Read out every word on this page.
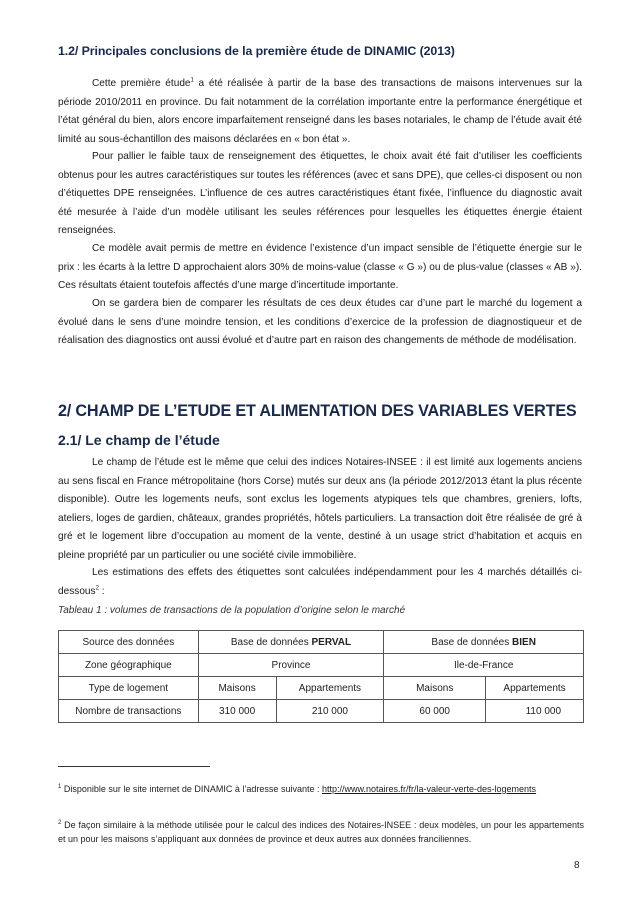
1.2/ Principales conclusions de la première étude de DINAMIC (2013)

Cette première étude$^1$ a été réalisée à partir de la base des transactions de maisons intervenues sur la période 2010/2011 en province. Du fait notamment de la corrélation importante entre la performance énergétique et l’état général du bien, alors encore imparfaitement renseigné dans les bases notariales, le champ de l’étude avait été limité au sous-échantillon des maisons déclarées en « bon état ».

Pour pallier le faible taux de renseignement des étiquettes, le choix avait été fait d’utiliser les coefficients obtenus pour les autres caractéristiques sur toutes les références (avec et sans DPE), que celles-ci disposent ou non d’étiquettes DPE renseignées. L’influence de ces autres caractéristiques étant fixée, l’influence du diagnostic avait été mesurée à l’aide d’un modèle utilisant les seules références pour lesquelles les étiquettes énergie étaient renseignées.

Ce modèle avait permis de mettre en évidence l’existence d’un impact sensible de l’étiquette énergie sur le prix : les écarts à la lettre D approchaient alors 30% de moins-value (classe « G ») ou de plus-value (classes « AB »). Ces résultats étaient toutefois affectés d’une marge d’incertitude importante.

On se gardera bien de comparer les résultats de ces deux études car d’une part le marché du logement a évolué dans le sens d’une moindre tension, et les conditions d’exercice de la profession de diagnostiqueur et de réalisation des diagnostics ont aussi évolué et d’autre part en raison des changements de méthode de modélisation.

2/ CHAMP DE L’ETUDE ET ALIMENTATION DES VARIABLES VERTES
2.1/ Le champ de l’étude

Le champ de l’étude est le même que celui des indices Notaires-INSEE : il est limité aux logements anciens au sens fiscal en France métropolitaine (hors Corse) mutés sur deux ans (la période 2012/2013 étant la plus récente disponible). Outre les logements neufs, sont exclus les logements atypiques tels que chambres, greniers, lofts, ateliers, loges de gardien, châteaux, grandes propriétés, hôtels particuliers. La transaction doit être réalisée de gré à gré et le logement libre d’occupation au moment de la vente, destiné à un usage strict d’habitation et acquis en pleine propriété par un particulier ou une société civile immobilière.

Les estimations des effets des étiquettes sont calculées indépendamment pour les 4 marchés détaillés ci-dessous$^2$ :

Tableau 1 : volumes de transactions de la population d’origine selon le marché
Source des données	Base de données PERVAL		Base de données BIEN	
Zone géographique	Province		Ile-de-France	
Type de logement	Maisons	Appartements	Maisons	Appartements
Nombre de transactions	310 000	210 000	60 000	110 000

$^1$ Disponible sur le site internet de DINAMIC à l’adresse suivante : http://www.notaires.fr/fr/la-valeur-verte-des-logements

$^2$ De façon similaire à la méthode utilisée pour le calcul des indices des Notaires-INSEE : deux modèles, un pour les appartements et un pour les maisons s’appliquant aux données de province et deux autres aux données franciliennes.

8
